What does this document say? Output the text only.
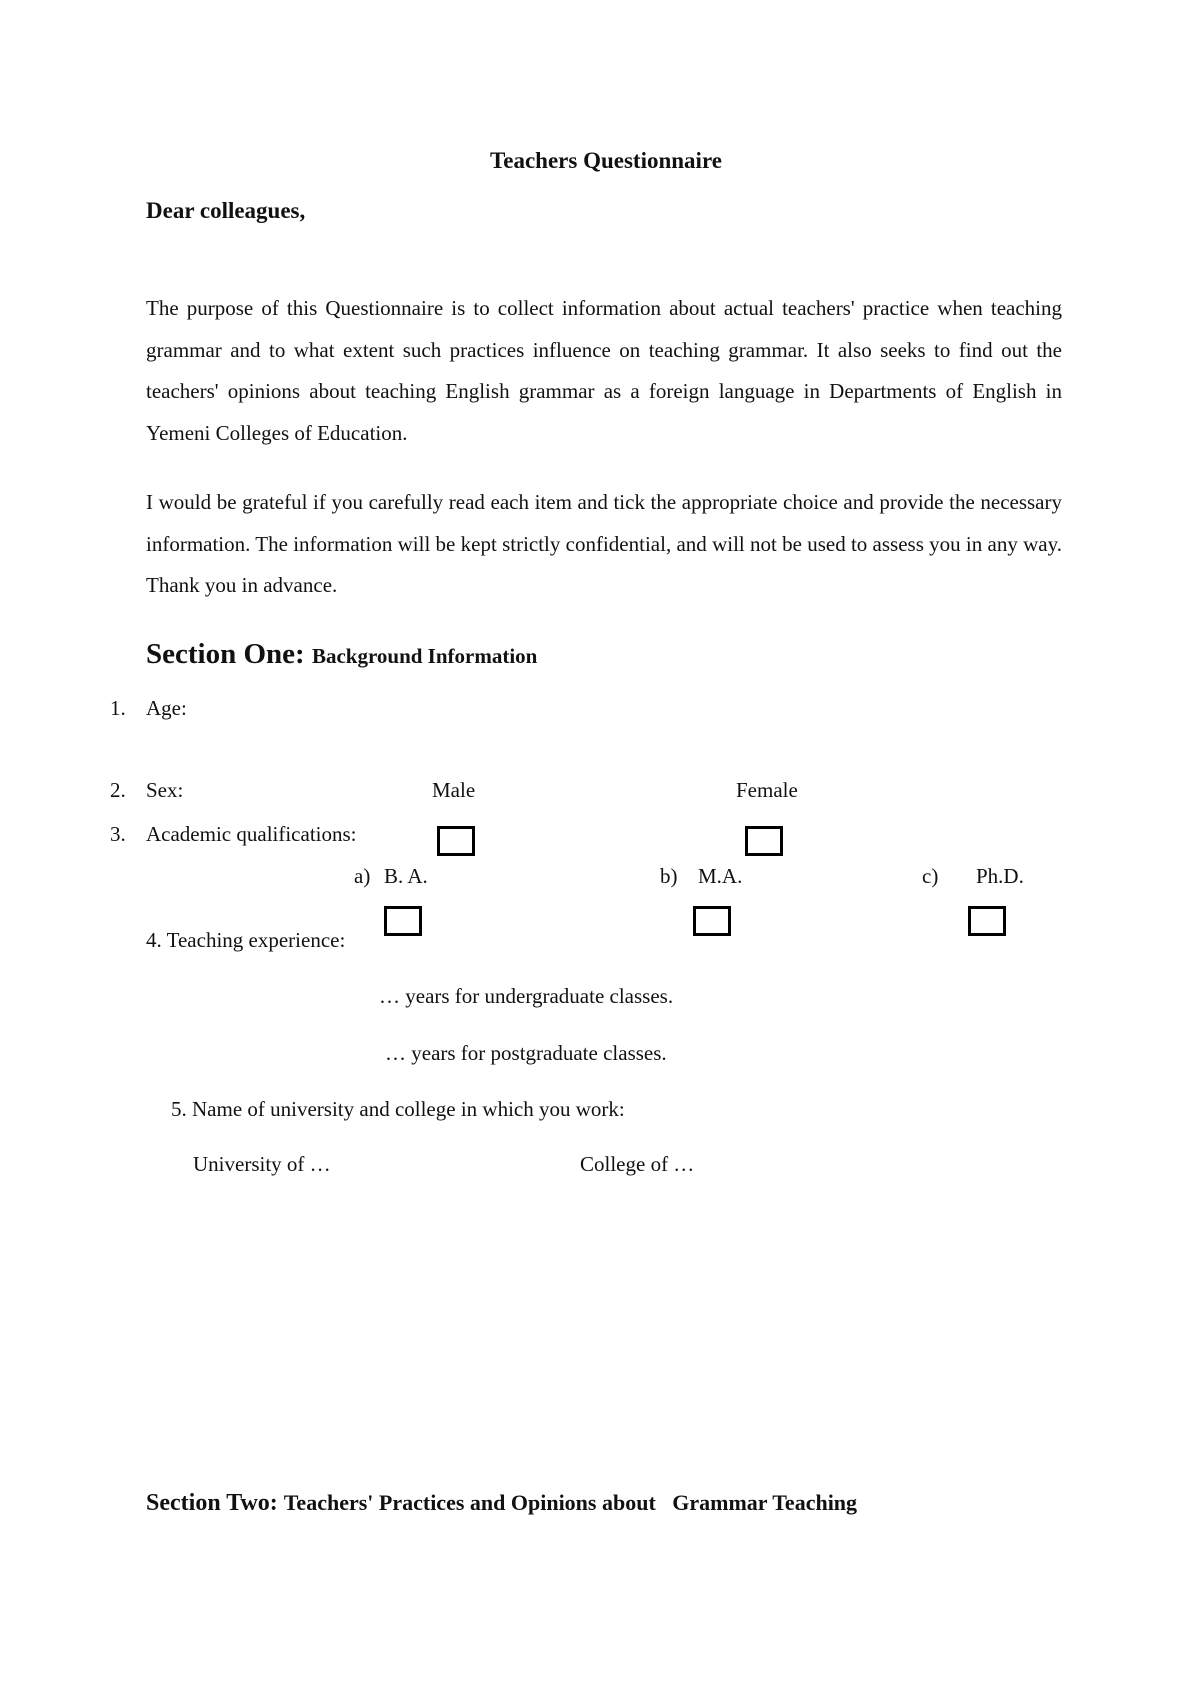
Teachers Questionnaire
Dear colleagues,

The purpose of this Questionnaire is to collect information about actual teachers' practice when teaching grammar and to what extent such practices influence on teaching grammar. It also seeks to find out the teachers' opinions about teaching English grammar as a foreign language in Departments of English in Yemeni Colleges of Education.

I would be grateful if you carefully read each item and tick the appropriate choice and provide the necessary information. The information will be kept strictly confidential, and will not be used to assess you in any way. Thank you in advance.

Section One: Background Information
1. Age:
2. Sex:	Male	Female
3. Academic qualifications:
a) B. A.	b) M.A.	c) Ph.D.
4. Teaching experience:
… years for undergraduate classes.
… years for postgraduate classes.
5. Name of university and college in which you work:
University of …	College of …
Section Two: Teachers' Practices and Opinions about   Grammar Teaching
